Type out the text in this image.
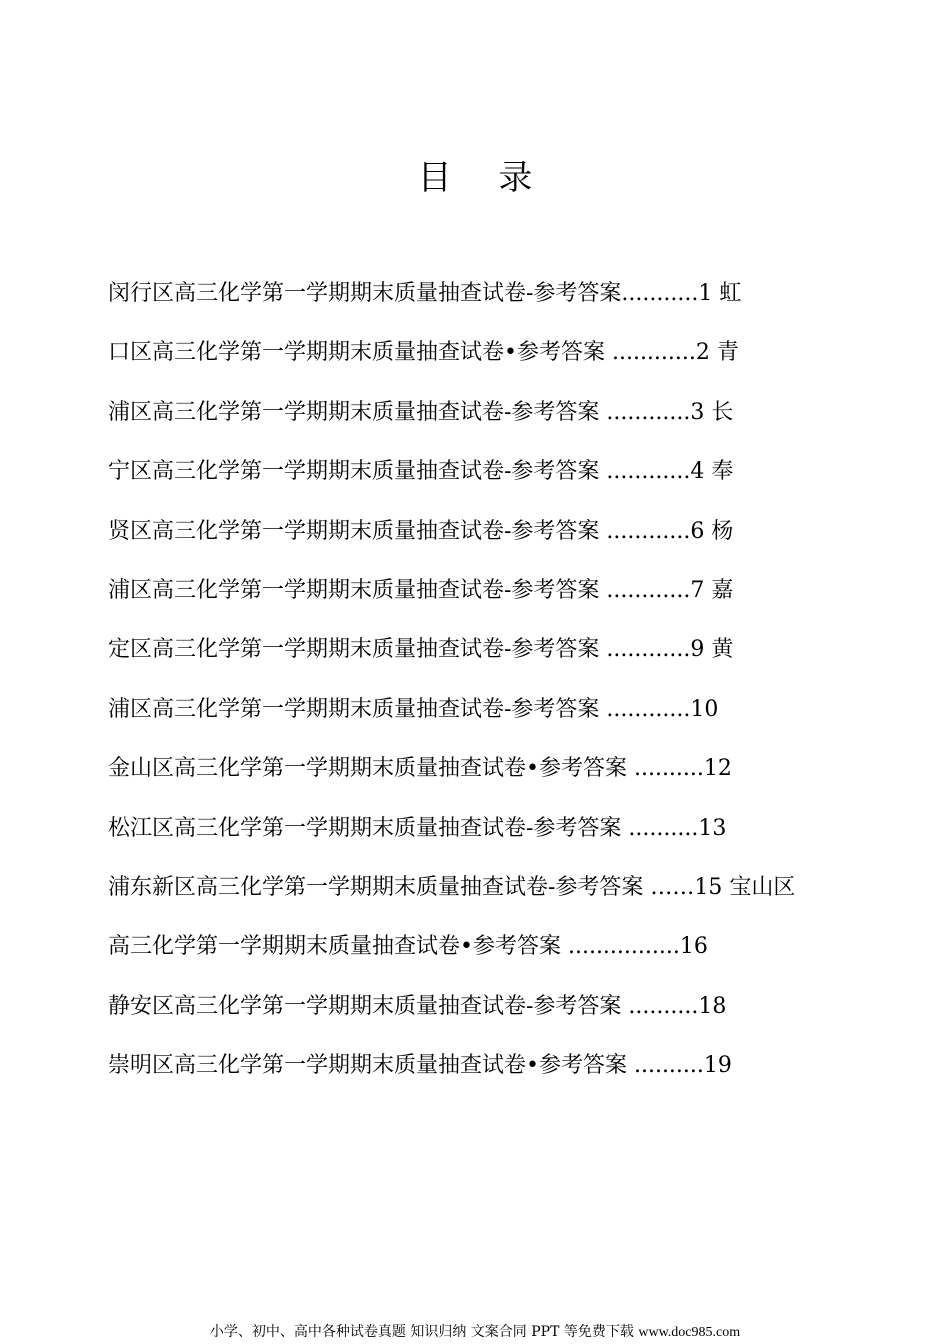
目 录
闵行区高三化学第一学期期末质量抽查试卷-参考答案...........1 虹
口区高三化学第一学期期末质量抽查试卷•参考答案 ............2 青
浦区高三化学第一学期期末质量抽查试卷-参考答案 ............3 长
宁区高三化学第一学期期末质量抽查试卷-参考答案 ............4 奉
贤区高三化学第一学期期末质量抽查试卷-参考答案 ............6 杨
浦区高三化学第一学期期末质量抽查试卷-参考答案 ............7 嘉
定区高三化学第一学期期末质量抽查试卷-参考答案 ............9 黄
浦区高三化学第一学期期末质量抽查试卷-参考答案 ............10
金山区高三化学第一学期期末质量抽查试卷•参考答案 ..........12
松江区高三化学第一学期期末质量抽查试卷-参考答案 ..........13
浦东新区高三化学第一学期期末质量抽查试卷-参考答案 ……15 宝山区
高三化学第一学期期末质量抽查试卷•参考答案 ................16
静安区高三化学第一学期期末质量抽查试卷-参考答案 ..........18
崇明区高三化学第一学期期末质量抽查试卷•参考答案 ..........19
小学、初中、高中各种试卷真题 知识归纳 文案合同 PPT 等免费下载 www.doc985.com
